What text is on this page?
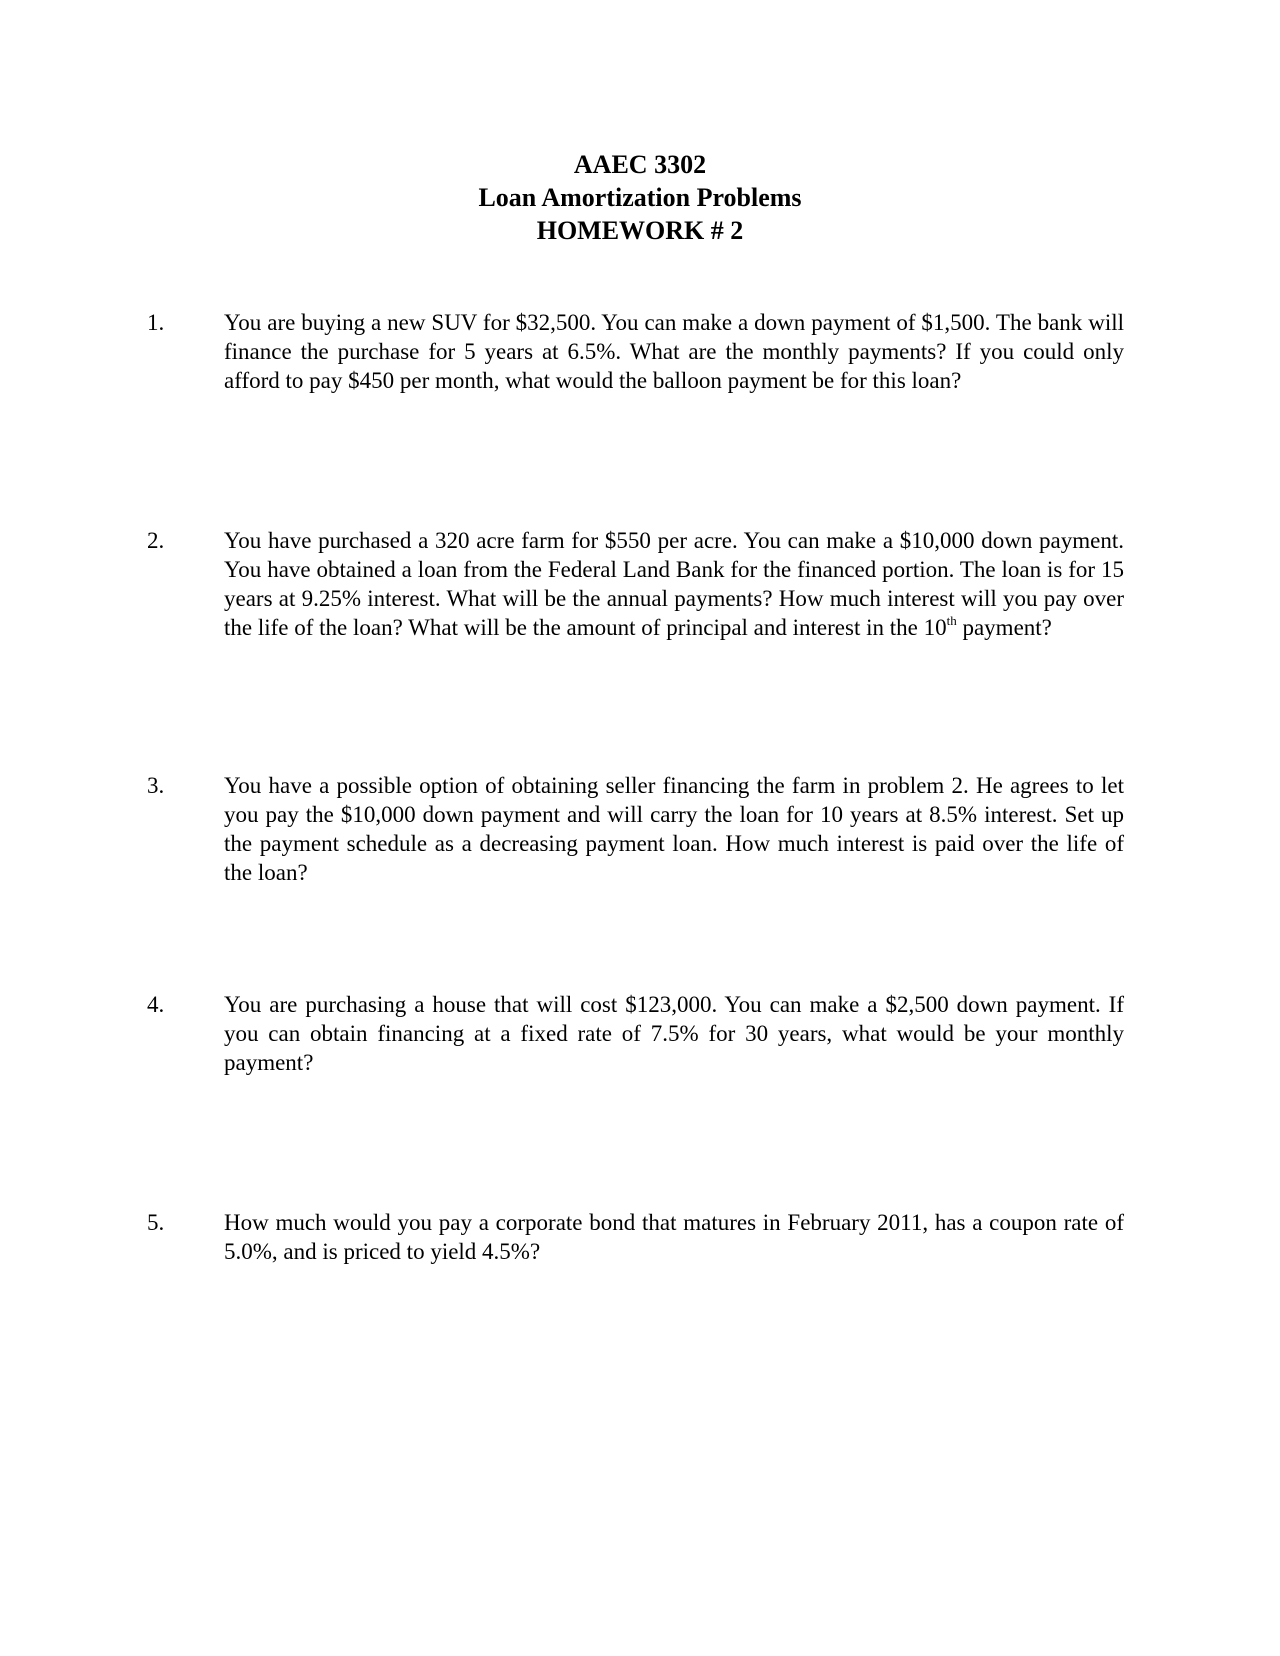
AAEC 3302
Loan Amortization Problems
HOMEWORK # 2
1.	You are buying a new SUV for $32,500. You can make a down payment of $1,500. The bank will finance the purchase for 5 years at 6.5%. What are the monthly payments? If you could only afford to pay $450 per month, what would the balloon payment be for this loan?
2.	You have purchased a 320 acre farm for $550 per acre. You can make a $10,000 down payment. You have obtained a loan from the Federal Land Bank for the financed portion. The loan is for 15 years at 9.25% interest. What will be the annual payments? How much interest will you pay over the life of the loan? What will be the amount of principal and interest in the 10th payment?
3.	You have a possible option of obtaining seller financing the farm in problem 2. He agrees to let you pay the $10,000 down payment and will carry the loan for 10 years at 8.5% interest. Set up the payment schedule as a decreasing payment loan. How much interest is paid over the life of the loan?
4.	You are purchasing a house that will cost $123,000. You can make a $2,500 down payment. If you can obtain financing at a fixed rate of 7.5% for 30 years, what would be your monthly payment?
5.	How much would you pay a corporate bond that matures in February 2011, has a coupon rate of 5.0%, and is priced to yield 4.5%?
